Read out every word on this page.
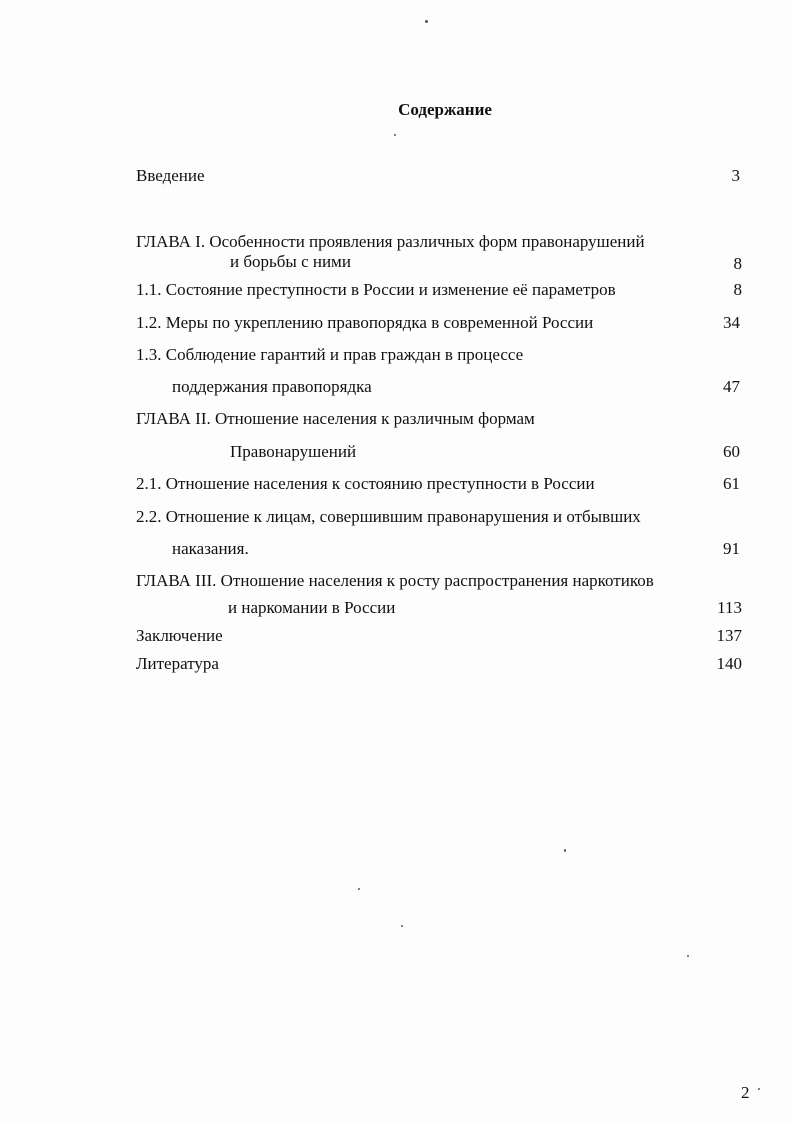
Содержание
Введение	3
ГЛАВА I. Особенности проявления различных форм правонарушений
и борьбы с ними	8
1.1. Состояние преступности в России и изменение её параметров	8
1.2. Меры по укреплению правопорядка в современной России	34
1.3. Соблюдение гарантий и прав граждан в процессе
поддержания правопорядка	47
ГЛАВА II. Отношение населения к различным формам
Правонарушений	60
2.1. Отношение населения к состоянию преступности в России	61
2.2. Отношение к лицам, совершившим правонарушения и отбывших
наказания.	91
ГЛАВА III. Отношение населения к росту распространения наркотиков
и наркомании в России	113
Заключение	137
Литература	140
2
